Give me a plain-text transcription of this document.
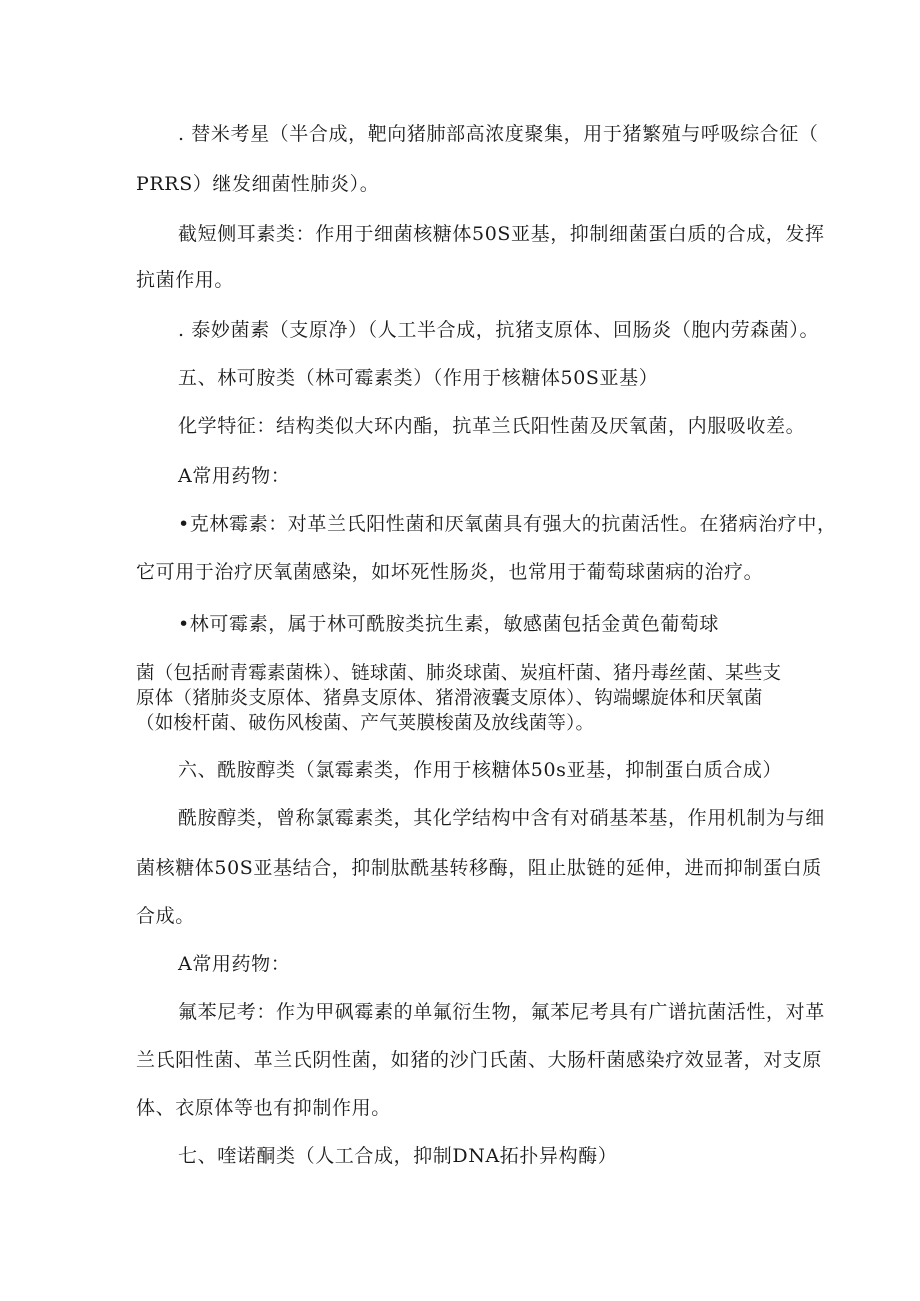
. 替米考星（半合成，靶向猪肺部高浓度聚集，用于猪繁殖与呼吸综合征（
PRRS）继发细菌性肺炎）。
截短侧耳素类：作用于细菌核糖体50S亚基，抑制细菌蛋白质的合成，发挥
抗菌作用。
. 泰妙菌素（支原净）（人工半合成，抗猪支原体、回肠炎（胞内劳森菌）。
五、林可胺类（林可霉素类）（作用于核糖体50S亚基）
化学特征：结构类似大环内酯，抗革兰氏阳性菌及厌氧菌，内服吸收差。
A常用药物：
•克林霉素：对革兰氏阳性菌和厌氧菌具有强大的抗菌活性。在猪病治疗中，
它可用于治疗厌氧菌感染，如坏死性肠炎，也常用于葡萄球菌病的治疗。
•林可霉素，属于林可酰胺类抗生素，敏感菌包括金黄色葡萄球
菌（包括耐青霉素菌株）、链球菌、肺炎球菌、炭疽杆菌、猪丹毒丝菌、某些支
原体（猪肺炎支原体、猪鼻支原体、猪滑液囊支原体）、钩端螺旋体和厌氧菌
（如梭杆菌、破伤风梭菌、产气荚膜梭菌及放线菌等）。
六、酰胺醇类（氯霉素类，作用于核糖体50s亚基，抑制蛋白质合成）
酰胺醇类，曾称氯霉素类，其化学结构中含有对硝基苯基，作用机制为与细
菌核糖体50S亚基结合，抑制肽酰基转移酶，阻止肽链的延伸，进而抑制蛋白质
合成。
A常用药物：
氟苯尼考：作为甲砜霉素的单氟衍生物，氟苯尼考具有广谱抗菌活性，对革
兰氏阳性菌、革兰氏阴性菌，如猪的沙门氏菌、大肠杆菌感染疗效显著，对支原
体、衣原体等也有抑制作用。
七、喹诺酮类（人工合成，抑制DNA拓扑异构酶）
